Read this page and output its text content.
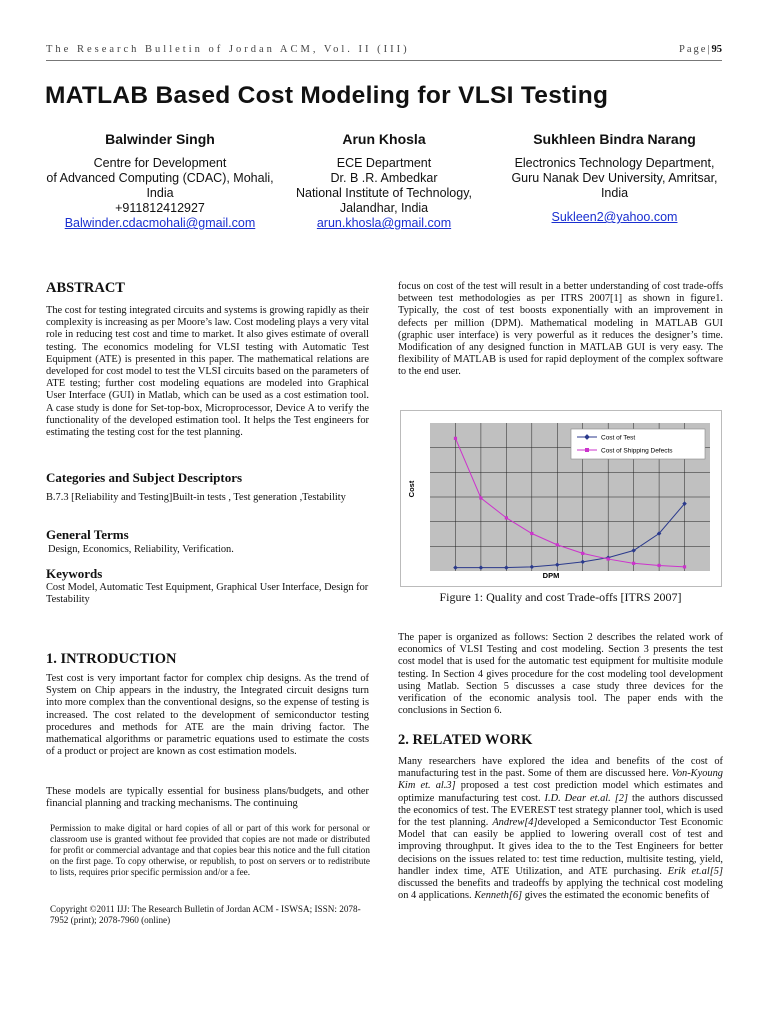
The Research Bulletin of Jordan ACM, Vol. II (III)	Page|95
MATLAB Based Cost Modeling for VLSI Testing
Balwinder Singh
Centre for Development
of Advanced Computing (CDAC), Mohali,
India
+911812412927
Balwinder.cdacmohali@gmail.com
Arun Khosla
ECE Department
Dr. B .R. Ambedkar
National Institute of Technology,
Jalandhar, India
arun.khosla@gmail.com
Sukhleen Bindra Narang
Electronics Technology Department,
Guru Nanak Dev University, Amritsar,
India
Sukleen2@yahoo.com
ABSTRACT

The cost for testing integrated circuits and systems is growing rapidly as their complexity is increasing as per Moore’s law. Cost modeling plays a very vital role in reducing test cost and time to market. It also gives estimate of overall testing. The economics modeling for VLSI testing with Automatic Test Equipment (ATE) is presented in this paper. The mathematical relations are developed for cost model to test the VLSI circuits based on the parameters of ATE testing; further cost modeling equations are modeled into Graphical User Interface (GUI) in Matlab, which can be used as a cost estimation tool. A case study is done for Set-top-box, Microprocessor, Device A to verify the functionality of the developed estimation tool. It helps the Test engineers for estimating the testing cost for the test planning.

Categories and Subject Descriptors

B.7.3 [Reliability and Testing]Built-in tests , Test generation ,Testability

General Terms

Design, Economics, Reliability, Verification.

Keywords

Cost Model, Automatic Test Equipment, Graphical User Interface, Design for Testability

1. INTRODUCTION

Test cost is very important factor for complex chip designs. As the trend of System on Chip appears in the industry, the Integrated circuit designs turn into more complex than the conventional designs, so the expense of testing is increased. The cost related to the development of semiconductor testing procedures and methods for ATE are the main driving factor. The mathematical algorithms or parametric equations used to estimate the costs of a product or project are known as cost estimation models.

These models are typically essential for business plans/budgets, and other financial planning and tracking mechanisms. The continuing

Permission to make digital or hard copies of all or part of this work for personal or classroom use is granted without fee provided that copies are not made or distributed for profit or commercial advantage and that copies bear this notice and the full citation on the first page. To copy otherwise, or republish, to post on servers or to redistribute to lists, requires prior specific permission and/or a fee.

Copyright ©2011 IJJ: The Research Bulletin of Jordan ACM - ISWSA; ISSN: 2078-7952 (print); 2078-7960 (online)

focus on cost of the test will result in a better understanding of cost trade-offs between test methodologies as per ITRS 2007[1] as shown in figure1. Typically, the cost of test boosts exponentially with an improvement in defects per million (DPM). Mathematical modeling in MATLAB GUI (graphic user interface) is very powerful as it reduces the designer’s time. Modification of any designed function in MATLAB GUI is very easy. The flexibility of MATLAB is used for rapid deployment of the complex software to the end user.

Cost
DPM
Cost of Test
Cost of Shipping Defects
Figure 1: Quality and cost Trade-offs [ITRS 2007]

The paper is organized as follows: Section 2 describes the related work of economics of VLSI Testing and cost modeling. Section 3 presents the test cost model that is used for the automatic test equipment for multisite module testing. In Section 4 gives procedure for the cost modeling tool development using Matlab. Section 5 discusses a case study three devices for the verification of the economic analysis tool. The paper ends with the conclusions in Section 6.

2. RELATED WORK

Many researchers have explored the idea and benefits of the cost of manufacturing test in the past. Some of them are discussed here. Von-Kyoung Kim et. al.3] proposed a test cost prediction model which estimates and optimize manufacturing test cost. I.D. Dear et.al. [2] the authors discussed the economics of test. The EVEREST test strategy planner tool, which is used for the test planning. Andrew[4]developed a Semiconductor Test Economic Model that can easily be applied to lowering overall cost of test and improving throughput. It gives idea to the to the Test Engineers for better decisions on the issues related to: test time reduction, multisite testing, yield, handler index time, ATE Utilization, and ATE purchasing. Erik et.al[5] discussed the benefits and tradeoffs by applying the technical cost modeling on 4 applications. Kenneth[6] gives the estimated the economic benefits of
